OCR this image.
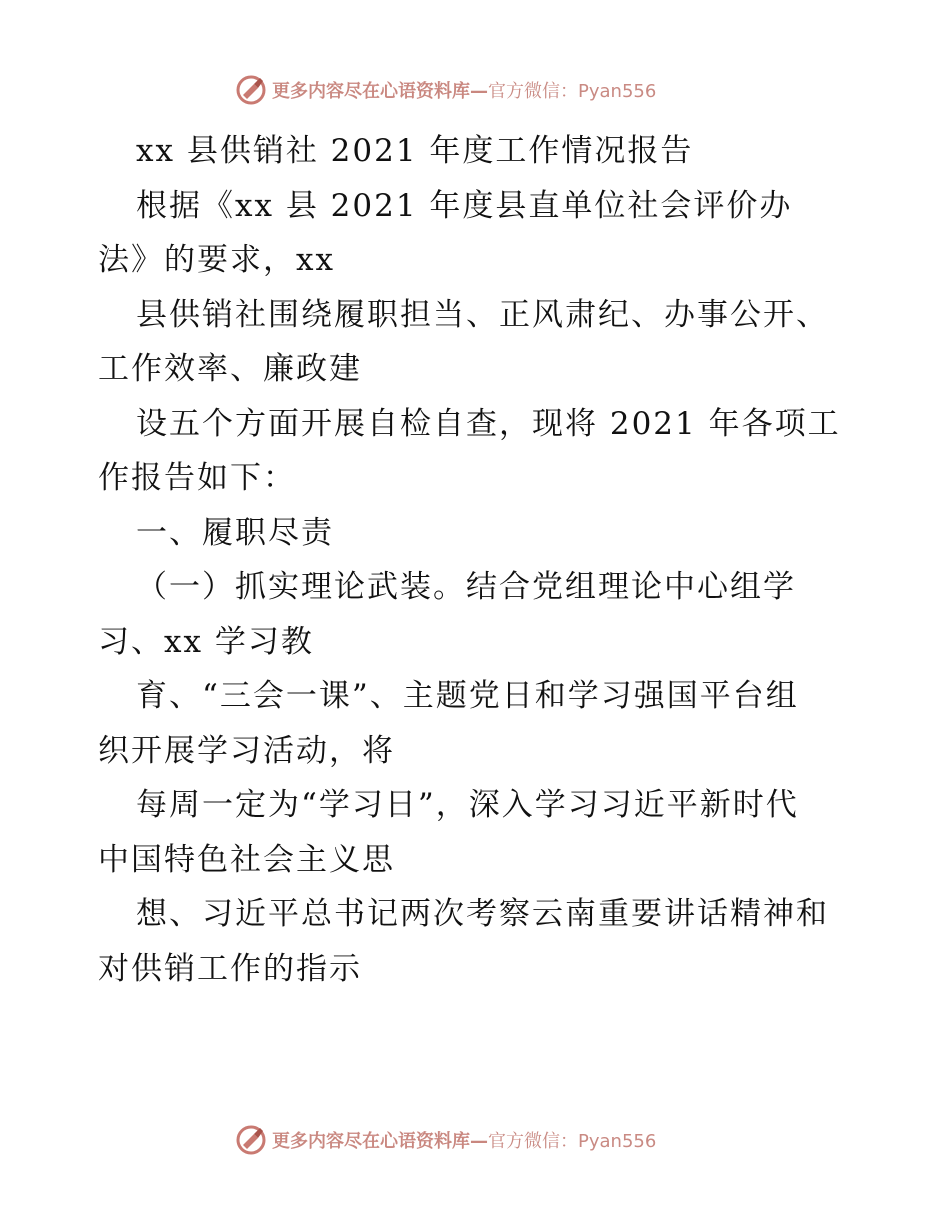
更多内容尽在心语资料库—官方微信：Pyan556
xx 县供销社 2021 年度工作情况报告
根据《xx 县 2021 年度县直单位社会评价办
法》的要求，xx
县供销社围绕履职担当、正风肃纪、办事公开、
工作效率、廉政建
设五个方面开展自检自查，现将 2021 年各项工
作报告如下：
一、履职尽责
（一）抓实理论武装。结合党组理论中心组学
习、xx 学习教
育、“三会一课”、主题党日和学习强国平台组
织开展学习活动，将
每周一定为“学习日”，深入学习习近平新时代
中国特色社会主义思
想、习近平总书记两次考察云南重要讲话精神和
对供销工作的指示
更多内容尽在心语资料库—官方微信：Pyan556
